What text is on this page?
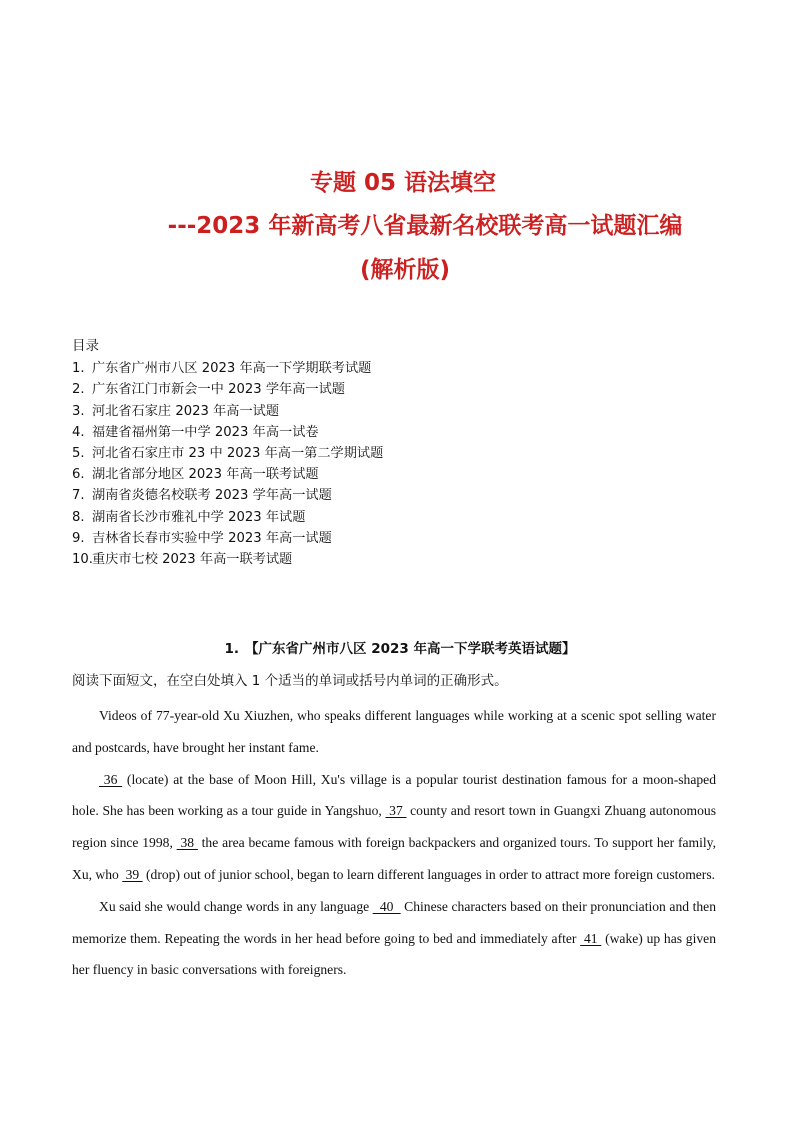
专题 05 语法填空
---2023 年新高考八省最新名校联考高一试题汇编
(解析版)
目录
1. 广东省广州市八区 2023 年高一下学期联考试题
2. 广东省江门市新会一中 2023 学年高一试题
3. 河北省石家庄 2023 年高一试题
4. 福建省福州第一中学 2023 年高一试卷
5. 河北省石家庄市 23 中 2023 年高一第二学期试题
6. 湖北省部分地区 2023 年高一联考试题
7. 湖南省炎德名校联考 2023 学年高一试题
8. 湖南省长沙市雅礼中学 2023 年试题
9. 吉林省长春市实验中学 2023 年高一试题
10. 重庆市七校 2023 年高一联考试题
1. 【广东省广州市八区 2023 年高一下学联考英语试题】
阅读下面短文，在空白处填入 1 个适当的单词或括号内单词的正确形式。

Videos of 77-year-old Xu Xiuzhen, who speaks different languages while working at a scenic spot selling water and postcards, have brought her instant fame.

36  (locate) at the base of Moon Hill, Xu's village is a popular tourist destination famous for a moon-shaped hole. She has been working as a tour guide in Yangshuo,  37  county and resort town in Guangxi Zhuang autonomous region since 1998,  38  the area became famous with foreign backpackers and organized tours. To support her family, Xu, who  39  (drop) out of junior school, began to learn different languages in order to attract more foreign customers.

Xu said she would change words in any language   40   Chinese characters based on their pronunciation and then memorize them. Repeating the words in her head before going to bed and immediately after  41  (wake) up has given her fluency in basic conversations with foreigners.
